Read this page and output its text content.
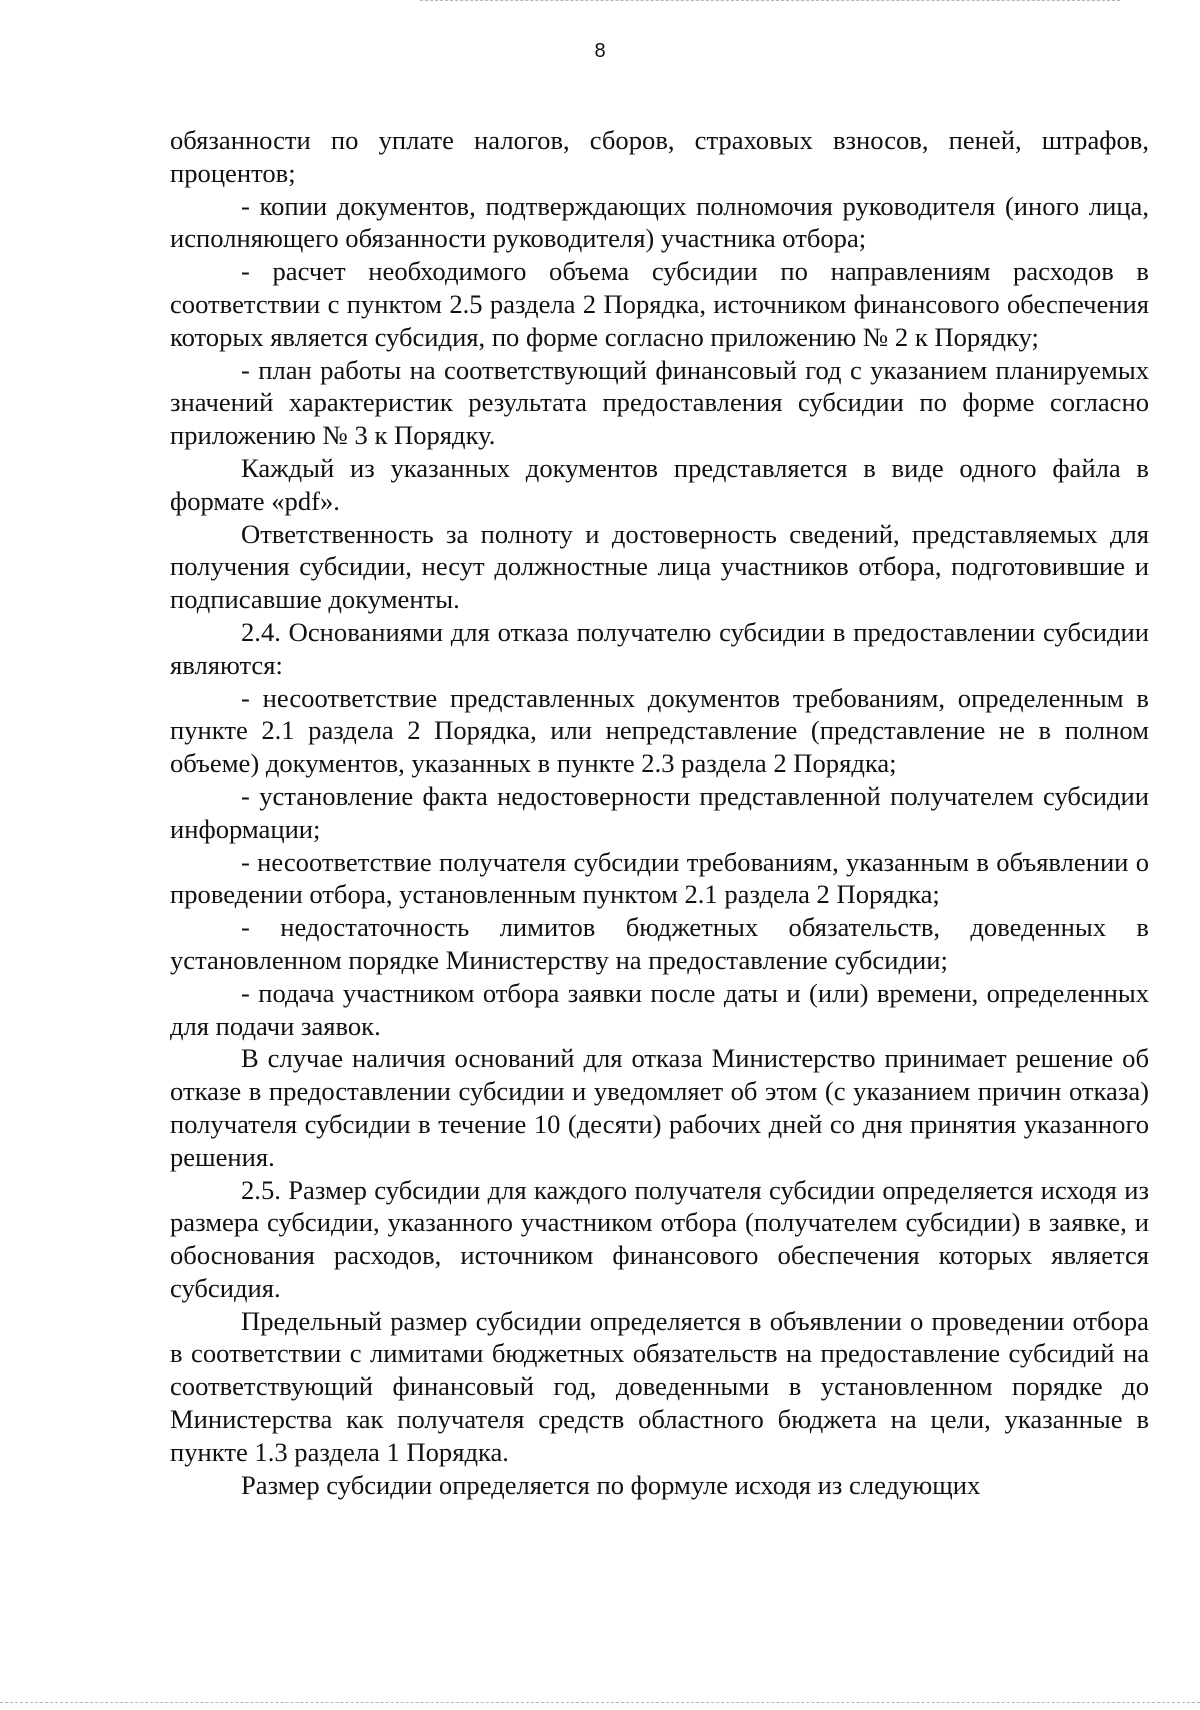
8

обязанности по уплате налогов, сборов, страховых взносов, пеней, штрафов, процентов;

- копии документов, подтверждающих полномочия руководителя (иного лица, исполняющего обязанности руководителя) участника отбора;

- расчет необходимого объема субсидии по направлениям расходов в соответствии с пунктом 2.5 раздела 2 Порядка, источником финансового обеспечения которых является субсидия, по форме согласно приложению № 2 к Порядку;

- план работы на соответствующий финансовый год с указанием планируемых значений характеристик результата предоставления субсидии по форме согласно приложению № 3 к Порядку.

Каждый из указанных документов представляется в виде одного файла в формате «pdf».

Ответственность за полноту и достоверность сведений, представляемых для получения субсидии, несут должностные лица участников отбора, подготовившие и подписавшие документы.

2.4. Основаниями для отказа получателю субсидии в предоставлении субсидии являются:

- несоответствие представленных документов требованиям, определенным в пункте 2.1 раздела 2 Порядка, или непредставление (представление не в полном объеме) документов, указанных в пункте 2.3 раздела 2 Порядка;

- установление факта недостоверности представленной получателем субсидии информации;

- несоответствие получателя субсидии требованиям, указанным в объявлении о проведении отбора, установленным пунктом 2.1 раздела 2 Порядка;

- недостаточность лимитов бюджетных обязательств, доведенных в установленном порядке Министерству на предоставление субсидии;

- подача участником отбора заявки после даты и (или) времени, определенных для подачи заявок.

В случае наличия оснований для отказа Министерство принимает решение об отказе в предоставлении субсидии и уведомляет об этом (с указанием причин отказа) получателя субсидии в течение 10 (десяти) рабочих дней со дня принятия указанного решения.

2.5. Размер субсидии для каждого получателя субсидии определяется исходя из размера субсидии, указанного участником отбора (получателем субсидии) в заявке, и обоснования расходов, источником финансового обеспечения которых является субсидия.

Предельный размер субсидии определяется в объявлении о проведении отбора в соответствии с лимитами бюджетных обязательств на предоставление субсидий на соответствующий финансовый год, доведенными в установленном порядке до Министерства как получателя средств областного бюджета на цели, указанные в пункте 1.3 раздела 1 Порядка.

Размер субсидии определяется по формуле исходя из следующих
